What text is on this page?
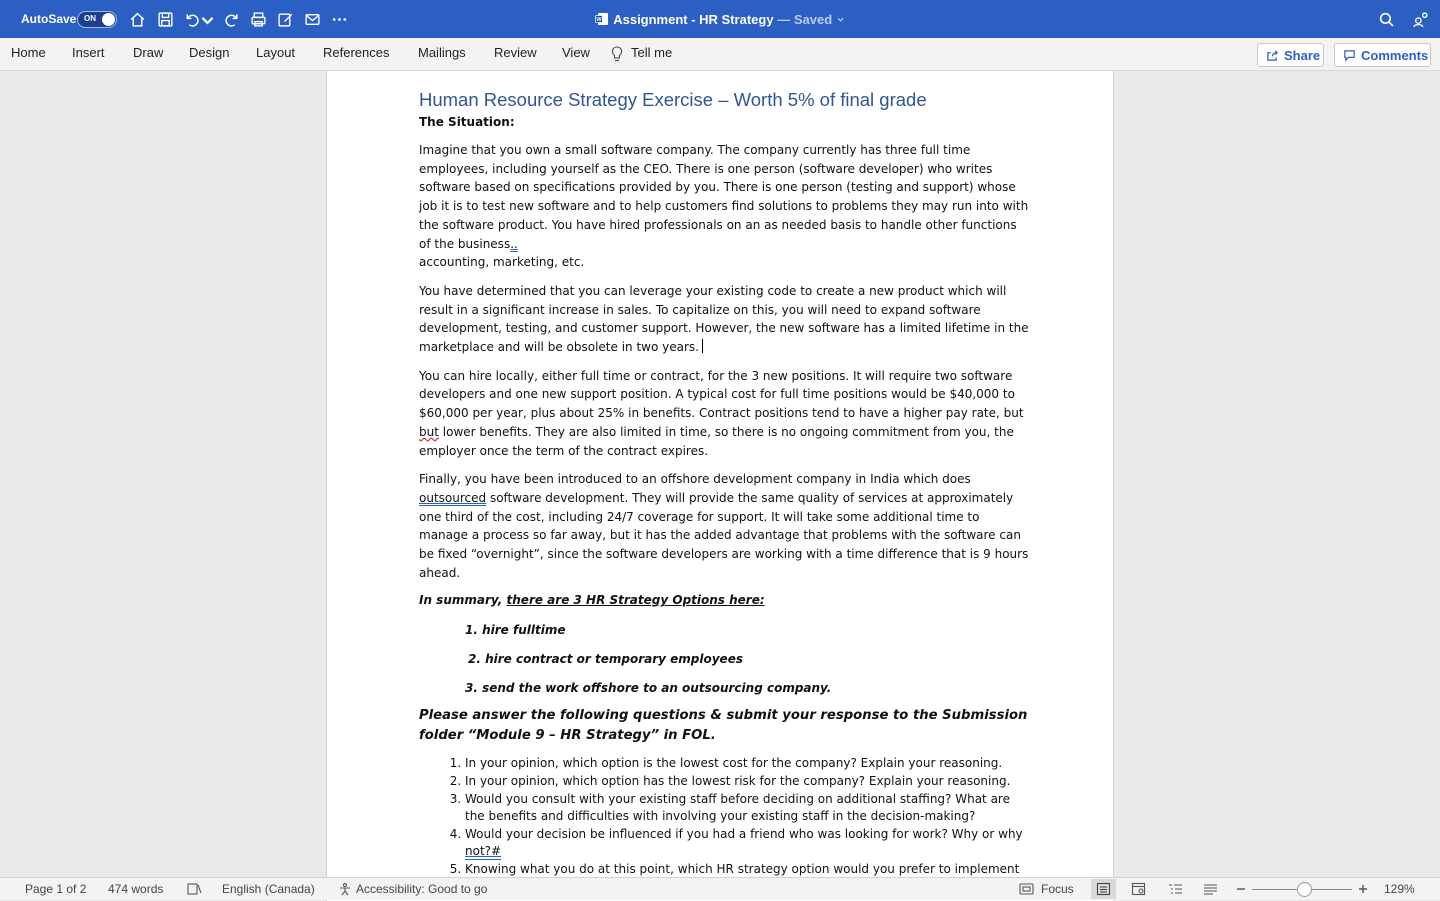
AutoSave ON	W Assignment - HR Strategy — Saved
Home Insert Draw Design Layout References Mailings Review View	Tell me	Share	Comments
Human Resource Strategy Exercise – Worth 5% of final grade
The Situation:

Imagine that you own a small software company. The company currently has three full time employees, including yourself as the CEO. There is one person (software developer) who writes software based on specifications provided by you. There is one person (testing and support) whose job it is to test new software and to help customers find solutions to problems they may run into with the software product. You have hired professionals on an as needed basis to handle other functions of the business..
accounting, marketing, etc.

You have determined that you can leverage your existing code to create a new product which will result in a significant increase in sales. To capitalize on this, you will need to expand software development, testing, and customer support. However, the new software has a limited lifetime in the marketplace and will be obsolete in two years.

You can hire locally, either full time or contract, for the 3 new positions. It will require two software developers and one new support position. A typical cost for full time positions would be $40,000 to $60,000 per year, plus about 25% in benefits. Contract positions tend to have a higher pay rate, but but lower benefits. They are also limited in time, so there is no ongoing commitment from you, the employer once the term of the contract expires.

Finally, you have been introduced to an offshore development company in India which does outsourced software development. They will provide the same quality of services at approximately one third of the cost, including 24/7 coverage for support. It will take some additional time to manage a process so far away, but it has the added advantage that problems with the software can be fixed “overnight”, since the software developers are working with a time difference that is 9 hours ahead.

In summary, there are 3 HR Strategy Options here:
1. hire fulltime
2. hire contract or temporary employees
3. send the work offshore to an outsourcing company.
Please answer the following questions & submit your response to the Submission folder “Module 9 – HR Strategy” in FOL.
1. In your opinion, which option is the lowest cost for the company? Explain your reasoning.
2. In your opinion, which option has the lowest risk for the company? Explain your reasoning.
3. Would you consult with your existing staff before deciding on additional staffing? What are the benefits and difficulties with involving your existing staff in the decision-making?
4. Would your decision be influenced if you had a friend who was looking for work? Why or why not?#
5. Knowing what you do at this point, which HR strategy option would you prefer to implement
Page 1 of 2 474 words	English (Canada)	Accessibility: Good to go	Focus	129%
